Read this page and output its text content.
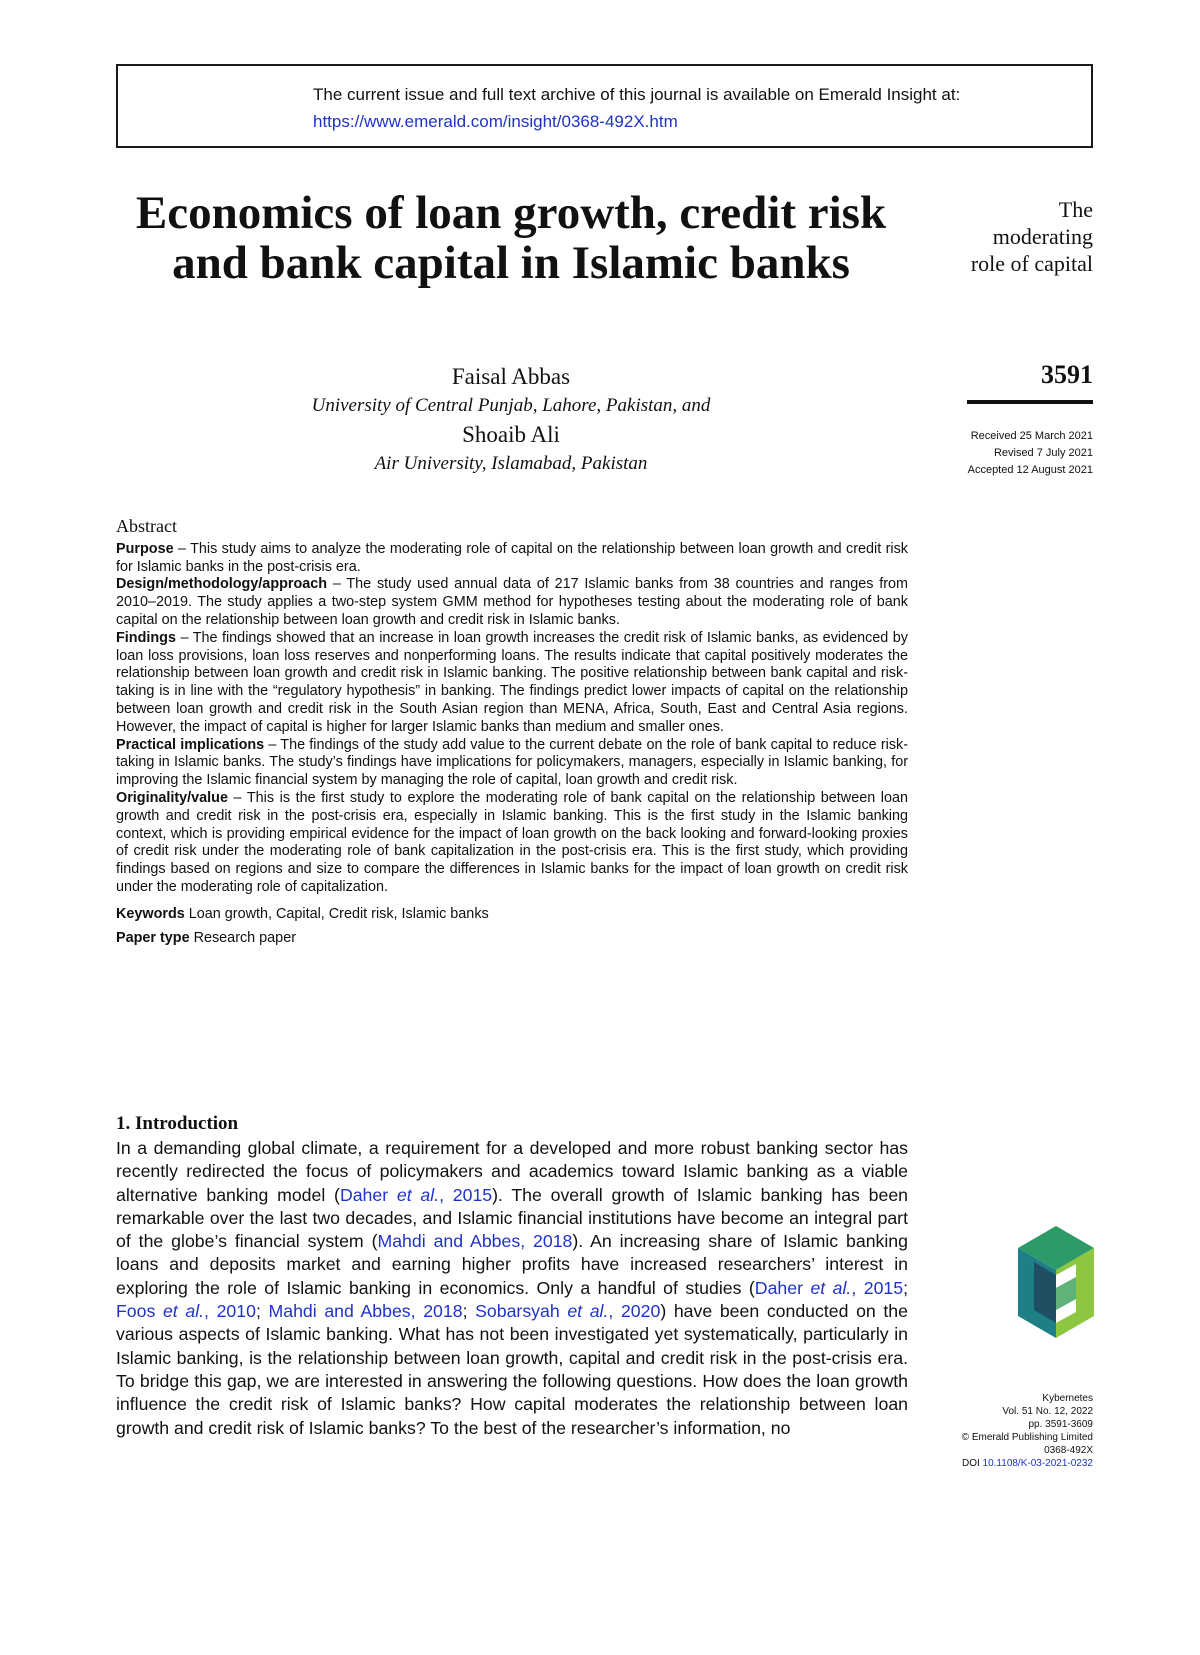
The current issue and full text archive of this journal is available on Emerald Insight at:
https://www.emerald.com/insight/0368-492X.htm
Economics of loan growth, credit risk and bank capital in Islamic banks
Faisal Abbas
University of Central Punjab, Lahore, Pakistan, and
Shoaib Ali
Air University, Islamabad, Pakistan
The
moderating
role of capital
3591
Received 25 March 2021
Revised 7 July 2021
Accepted 12 August 2021
Abstract

Purpose – This study aims to analyze the moderating role of capital on the relationship between loan growth and credit risk for Islamic banks in the post-crisis era.

Design/methodology/approach – The study used annual data of 217 Islamic banks from 38 countries and ranges from 2010–2019. The study applies a two-step system GMM method for hypotheses testing about the moderating role of bank capital on the relationship between loan growth and credit risk in Islamic banks.

Findings – The findings showed that an increase in loan growth increases the credit risk of Islamic banks, as evidenced by loan loss provisions, loan loss reserves and nonperforming loans. The results indicate that capital positively moderates the relationship between loan growth and credit risk in Islamic banking. The positive relationship between bank capital and risk-taking is in line with the “regulatory hypothesis” in banking. The findings predict lower impacts of capital on the relationship between loan growth and credit risk in the South Asian region than MENA, Africa, South, East and Central Asia regions. However, the impact of capital is higher for larger Islamic banks than medium and smaller ones.

Practical implications – The findings of the study add value to the current debate on the role of bank capital to reduce risk-taking in Islamic banks. The study’s findings have implications for policymakers, managers, especially in Islamic banking, for improving the Islamic financial system by managing the role of capital, loan growth and credit risk.

Originality/value – This is the first study to explore the moderating role of bank capital on the relationship between loan growth and credit risk in the post-crisis era, especially in Islamic banking. This is the first study in the Islamic banking context, which is providing empirical evidence for the impact of loan growth on the back looking and forward-looking proxies of credit risk under the moderating role of bank capitalization in the post-crisis era. This is the first study, which providing findings based on regions and size to compare the differences in Islamic banks for the impact of loan growth on credit risk under the moderating role of capitalization.

Keywords Loan growth, Capital, Credit risk, Islamic banks
Paper type Research paper
1. Introduction

In a demanding global climate, a requirement for a developed and more robust banking sector has recently redirected the focus of policymakers and academics toward Islamic banking as a viable alternative banking model (Daher et al., 2015). The overall growth of Islamic banking has been remarkable over the last two decades, and Islamic financial institutions have become an integral part of the globe’s financial system (Mahdi and Abbes, 2018). An increasing share of Islamic banking loans and deposits market and earning higher profits have increased researchers’ interest in exploring the role of Islamic banking in economics. Only a handful of studies (Daher et al., 2015; Foos et al., 2010; Mahdi and Abbes, 2018; Sobarsyah et al., 2020) have been conducted on the various aspects of Islamic banking. What has not been investigated yet systematically, particularly in Islamic banking, is the relationship between loan growth, capital and credit risk in the post-crisis era. To bridge this gap, we are interested in answering the following questions. How does the loan growth influence the credit risk of Islamic banks? How capital moderates the relationship between loan growth and credit risk of Islamic banks? To the best of the researcher’s information, no

Kybernetes
Vol. 51 No. 12, 2022
pp. 3591-3609
© Emerald Publishing Limited
0368-492X
DOI 10.1108/K-03-2021-0232
